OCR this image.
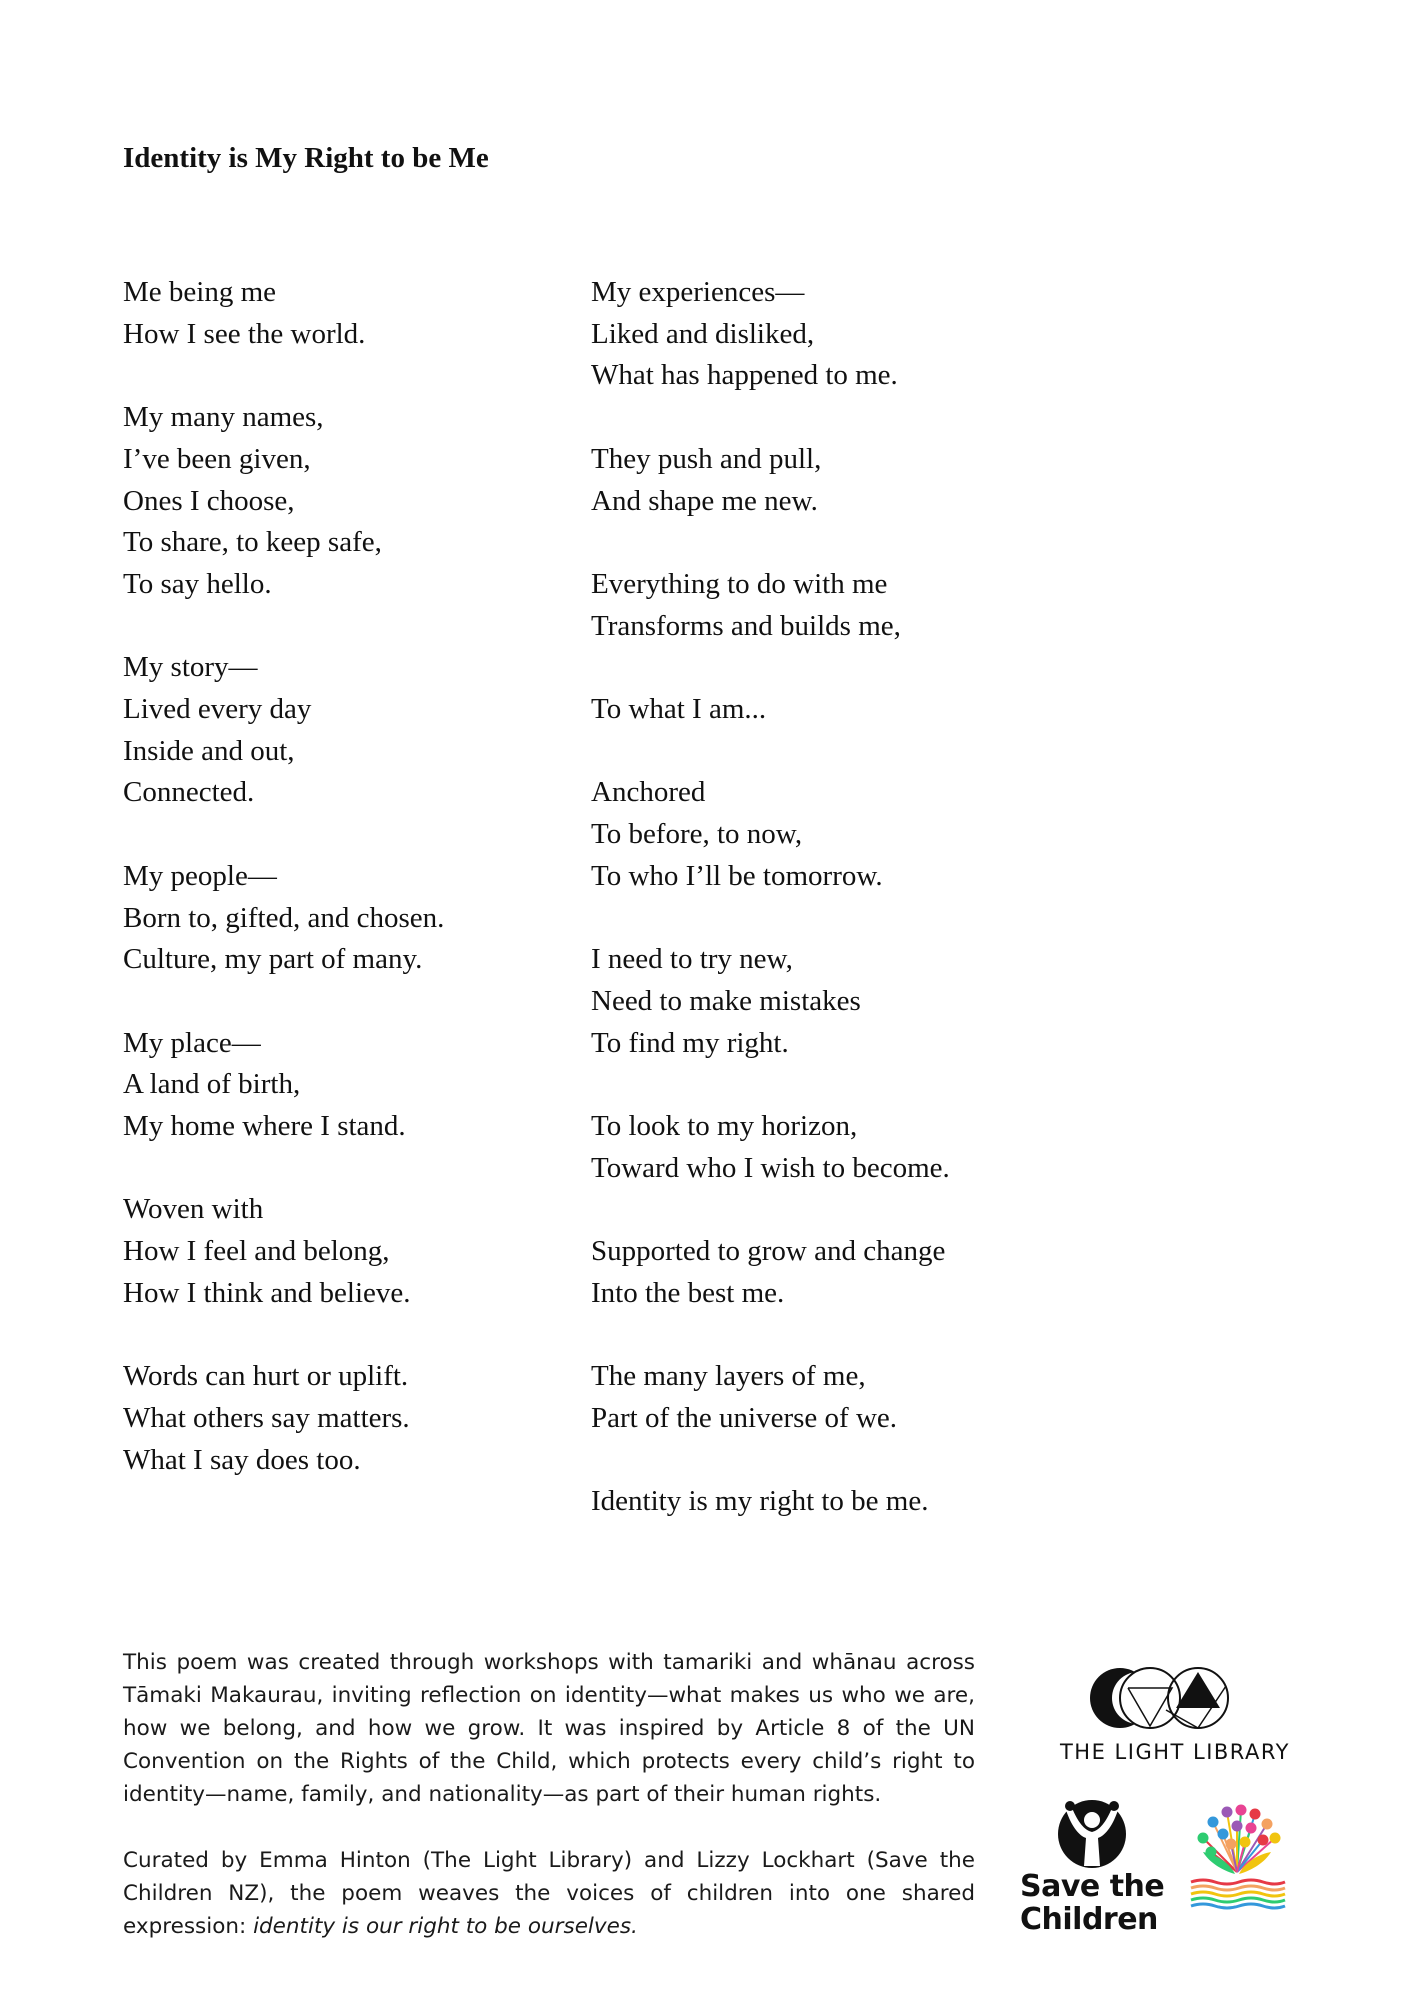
Identity is My Right to be Me
Me being me
How I see the world.
My many names,
I’ve been given,
Ones I choose,
To share, to keep safe,
To say hello.
My story—
Lived every day
Inside and out,
Connected.
My people—
Born to, gifted, and chosen.
Culture, my part of many.
My place—
A land of birth,
My home where I stand.
Woven with
How I feel and belong,
How I think and believe.
Words can hurt or uplift.
What others say matters.
What I say does too.
My experiences—
Liked and disliked,
What has happened to me.
They push and pull,
And shape me new.
Everything to do with me
Transforms and builds me,
To what I am...
Anchored
To before, to now,
To who I’ll be tomorrow.
I need to try new,
Need to make mistakes
To find my right.
To look to my horizon,
Toward who I wish to become.
Supported to grow and change
Into the best me.
The many layers of me,
Part of the universe of we.
Identity is my right to be me.

This poem was created through workshops with tamariki and whānau across Tāmaki Makaurau, inviting reflection on identity—what makes us who we are, how we belong, and how we grow. It was inspired by Article 8 of the UN Convention on the Rights of the Child, which protects every child’s right to identity—name, family, and nationality—as part of their human rights.

Curated by Emma Hinton (The Light Library) and Lizzy Lockhart (Save the Children NZ), the poem weaves the voices of children into one shared expression: identity is our right to be ourselves.

THE LIGHT LIBRARY
Save the
Children
